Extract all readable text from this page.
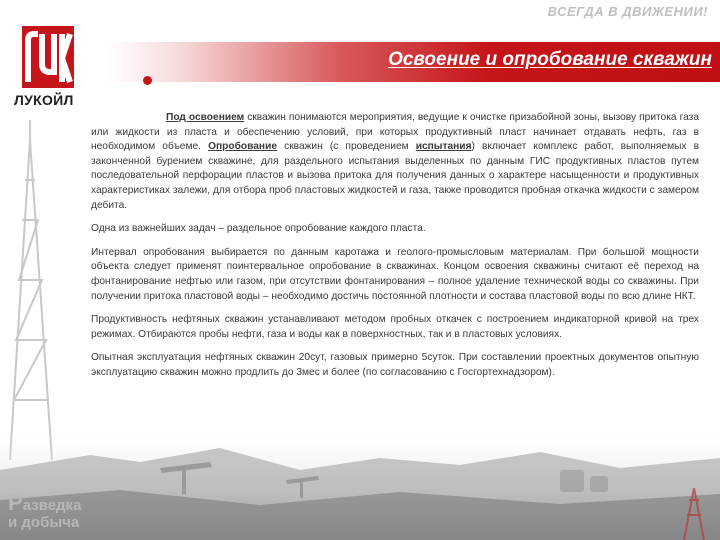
ВСЕГДА В ДВИЖЕНИИ!
Освоение и опробование скважин
ЛУК
ЛУКОЙЛ

Под освоением скважин понимаются мероприятия, ведущие к очистке призабойной зоны, вызову притока газа или жидкости из пласта и обеспечению условий, при которых продуктивный пласт начинает отдавать нефть, газ в необходимом объеме. Опробование скважин (с проведением испытания) включает комплекс работ, выполняемых в законченной бурением скважине, для раздельного испытания выделенных по данным ГИС продуктивных пластов путем последовательной перфорации пластов и вызова притока для получения данных о характере насыщенности и продуктивных характеристиках залежи, для отбора проб пластовых жидкостей и газа, также проводится пробная откачка жидкости с замером дебита.

Одна из важнейших задач – раздельное опробование каждого пласта.

Интервал опробования выбирается по данным каротажа и геолого-промысловым материалам. При большой мощности объекта следует применят поинтервальное опробование в скважинах. Концом освоения скважины считают её переход на фонтанирование нефтью или газом, при отсутствии фонтанирования – полное удаление технической воды со скважины. При получении притока пластовой воды – необходимо достичь постоянной плотности и состава пластовой воды по всю длине НКТ.

Продуктивность нефтяных скважин устанавливают методом пробных откачек с построением индикаторной кривой на трех режимах. Отбираются пробы нефти, газа и воды как в поверхностных, так и в пластовых условиях.

Опытная эксплуатация нефтяных скважин 20сут, газовых примерно 5суток. При составлении проектных документов опытную эксплуатацию скважин можно продлить до 3мес и более (по согласованию с Госгортехнадзором).

Разведка
и добыча
